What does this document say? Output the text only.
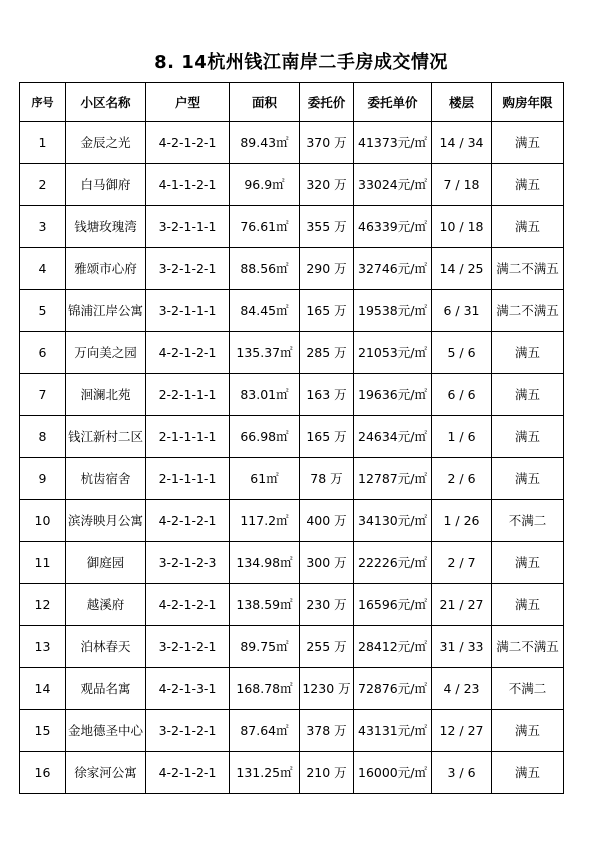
8. 14杭州钱江南岸二手房成交情况
序号	小区名称	户型	面积	委托价	委托单价	楼层	购房年限
1	金辰之光	4-2-1-2-1	89.43㎡	370 万	41373元/㎡	14 / 34	满五
2	白马御府	4-1-1-2-1	96.9㎡	320 万	33024元/㎡	7 / 18	满五
3	钱塘玫瑰湾	3-2-1-1-1	76.61㎡	355 万	46339元/㎡	10 / 18	满五
4	雅颂市心府	3-2-1-2-1	88.56㎡	290 万	32746元/㎡	14 / 25	满二不满五
5	锦浦江岸公寓	3-2-1-1-1	84.45㎡	165 万	19538元/㎡	6 / 31	满二不满五
6	万向美之园	4-2-1-2-1	135.37㎡	285 万	21053元/㎡	5 / 6	满五
7	洄澜北苑	2-2-1-1-1	83.01㎡	163 万	19636元/㎡	6 / 6	满五
8	钱江新村二区	2-1-1-1-1	66.98㎡	165 万	24634元/㎡	1 / 6	满五
9	杭齿宿舍	2-1-1-1-1	61㎡	78 万	12787元/㎡	2 / 6	满五
10	滨涛映月公寓	4-2-1-2-1	117.2㎡	400 万	34130元/㎡	1 / 26	不满二
11	御庭园	3-2-1-2-3	134.98㎡	300 万	22226元/㎡	2 / 7	满五
12	越溪府	4-2-1-2-1	138.59㎡	230 万	16596元/㎡	21 / 27	满五
13	泊林春天	3-2-1-2-1	89.75㎡	255 万	28412元/㎡	31 / 33	满二不满五
14	观品名寓	4-2-1-3-1	168.78㎡	1230 万	72876元/㎡	4 / 23	不满二
15	金地德圣中心	3-2-1-2-1	87.64㎡	378 万	43131元/㎡	12 / 27	满五
16	徐家河公寓	4-2-1-2-1	131.25㎡	210 万	16000元/㎡	3 / 6	满五
